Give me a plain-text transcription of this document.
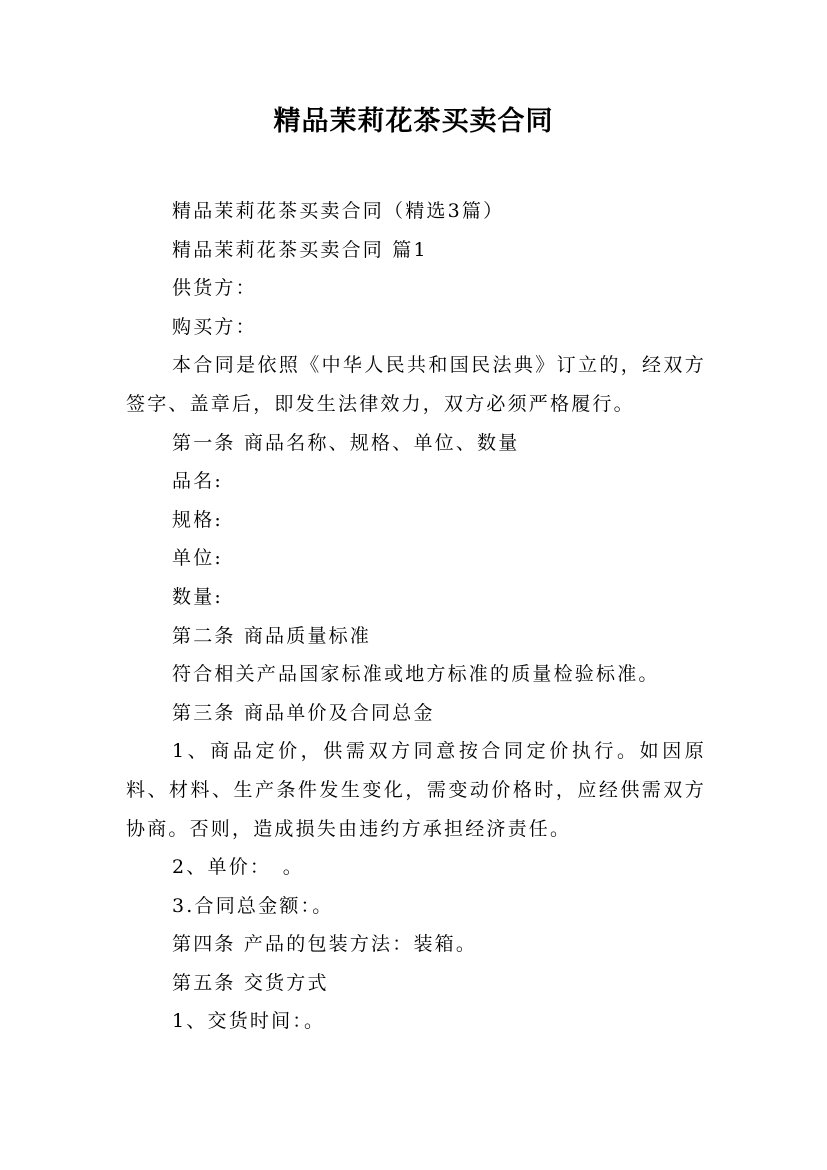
精品茉莉花茶买卖合同

精品茉莉花茶买卖合同（精选3篇）

精品茉莉花茶买卖合同 篇1

供货方：

购买方：

本合同是依照《中华人民共和国民法典》订立的，经双方签字、盖章后，即发生法律效力，双方必须严格履行。

第一条 商品名称、规格、单位、数量

品名:

规格:

单位:

数量:

第二条 商品质量标准

符合相关产品国家标准或地方标准的质量检验标准。

第三条 商品单价及合同总金

1、商品定价，供需双方同意按合同定价执行。如因原料、材料、生产条件发生变化，需变动价格时，应经供需双方协商。否则，造成损失由违约方承担经济责任。

2、单价：　。

3.合同总金额：。

第四条 产品的包装方法：装箱。

第五条 交货方式

1、交货时间：。
